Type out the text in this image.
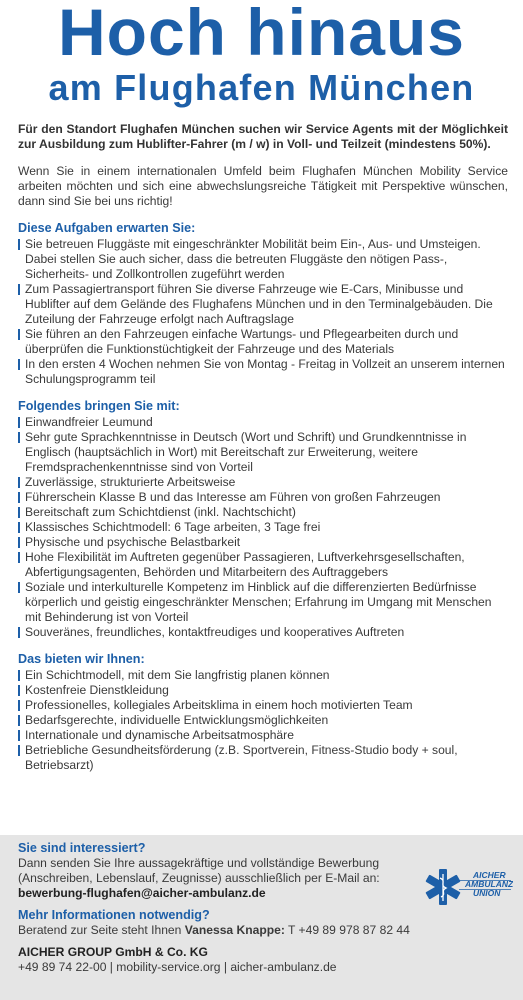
Hoch hinaus
am Flughafen München

Für den Standort Flughafen München suchen wir Service Agents mit der Möglichkeit zur Ausbildung zum Hublifter-Fahrer (m / w) in Voll- und Teilzeit (mindestens 50%).

Wenn Sie in einem internationalen Umfeld beim Flughafen München Mobility Service arbeiten möchten und sich eine abwechslungsreiche Tätigkeit mit Perspektive wünschen, dann sind Sie bei uns richtig!

Diese Aufgaben erwarten Sie:
Sie betreuen Fluggäste mit eingeschränkter Mobilität beim Ein-, Aus- und Umsteigen. Dabei stellen Sie auch sicher, dass die betreuten Fluggäste den nötigen Pass-, Sicherheits- und Zollkontrollen zugeführt werden
Zum Passagiertransport führen Sie diverse Fahrzeuge wie E-Cars, Minibusse und Hublifter auf dem Gelände des Flughafens München und in den Terminalgebäuden. Die Zuteilung der Fahrzeuge erfolgt nach Auftragslage
Sie führen an den Fahrzeugen einfache Wartungs- und Pflegearbeiten durch und überprüfen die Funktionstüchtigkeit der Fahrzeuge und des Materials
In den ersten 4 Wochen nehmen Sie von Montag - Freitag in Vollzeit an unserem internen Schulungsprogramm teil
Folgendes bringen Sie mit:
Einwandfreier Leumund
Sehr gute Sprachkenntnisse in Deutsch (Wort und Schrift) und Grundkenntnisse in Englisch (hauptsächlich in Wort) mit Bereitschaft zur Erweiterung, weitere Fremdsprachenkenntnisse sind von Vorteil
Zuverlässige, strukturierte Arbeitsweise
Führerschein Klasse B und das Interesse am Führen von großen Fahrzeugen
Bereitschaft zum Schichtdienst (inkl. Nachtschicht)
Klassisches Schichtmodell: 6 Tage arbeiten, 3 Tage frei
Physische und psychische Belastbarkeit
Hohe Flexibilität im Auftreten gegenüber Passagieren, Luftverkehrsgesellschaften, Abfertigungsagenten, Behörden und Mitarbeitern des Auftraggebers
Soziale und interkulturelle Kompetenz im Hinblick auf die differenzierten Bedürfnisse körperlich und geistig eingeschränkter Menschen; Erfahrung im Umgang mit Menschen mit Behinderung ist von Vorteil
Souveränes, freundliches, kontaktfreudiges und kooperatives Auftreten
Das bieten wir Ihnen:
Ein Schichtmodell, mit dem Sie langfristig planen können
Kostenfreie Dienstkleidung
Professionelles, kollegiales Arbeitsklima in einem hoch motivierten Team
Bedarfsgerechte, individuelle Entwicklungsmöglichkeiten
Internationale und dynamische Arbeitsatmosphäre
Betriebliche Gesundheitsförderung (z.B. Sportverein, Fitness-Studio body + soul, Betriebsarzt)
Sie sind interessiert?
Dann senden Sie Ihre aussagekräftige und vollständige Bewerbung (Anschreiben, Lebenslauf, Zeugnisse) ausschließlich per E-Mail an:
bewerbung-flughafen@aicher-ambulanz.de
Mehr Informationen notwendig?
Beratend zur Seite steht Ihnen Vanessa Knappe: T +49 89 978 87 82 44
AICHER GROUP GmbH & Co. KG
+49 89 74 22-00 | mobility-service.org | aicher-ambulanz.de
AICHER
AMBULANZ
UNION
